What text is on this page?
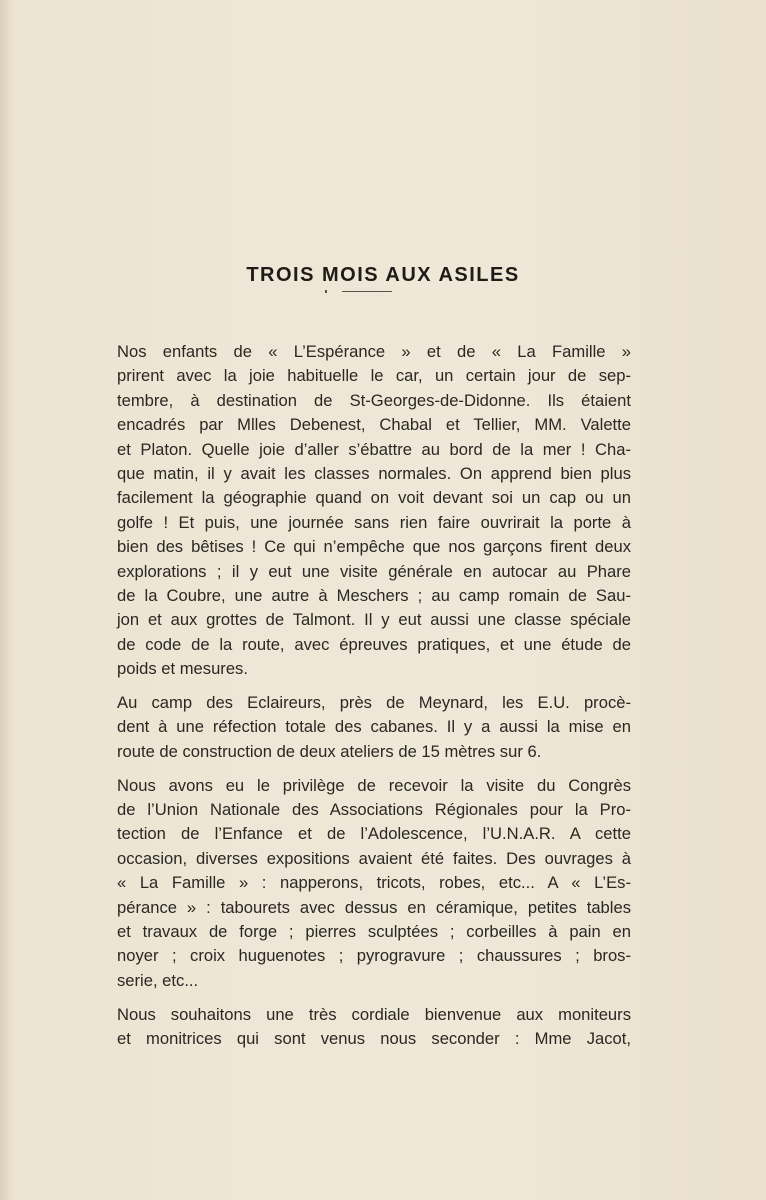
TROIS MOIS AUX ASILES
Nos enfants de « L’Espérance » et de « La Famille »
prirent avec la joie habituelle le car, un certain jour de sep-
tembre, à destination de St-Georges-de-Didonne. Ils étaient
encadrés par Mlles Debenest, Chabal et Tellier, MM. Valette
et Platon. Quelle joie d’aller s’ébattre au bord de la mer ! Cha-
que matin, il y avait les classes normales. On apprend bien plus
facilement la géographie quand on voit devant soi un cap ou un
golfe ! Et puis, une journée sans rien faire ouvrirait la porte à
bien des bêtises ! Ce qui n’empêche que nos garçons firent deux
explorations ; il y eut une visite générale en autocar au Phare
de la Coubre, une autre à Meschers ; au camp romain de Sau-
jon et aux grottes de Talmont. Il y eut aussi une classe spéciale
de code de la route, avec épreuves pratiques, et une étude de
poids et mesures.
Au camp des Eclaireurs, près de Meynard, les E.U. procè-
dent à une réfection totale des cabanes. Il y a aussi la mise en
route de construction de deux ateliers de 15 mètres sur 6.
Nous avons eu le privilège de recevoir la visite du Congrès
de l’Union Nationale des Associations Régionales pour la Pro-
tection de l’Enfance et de l’Adolescence, l’U.N.A.R. A cette
occasion, diverses expositions avaient été faites. Des ouvrages à
« La Famille » : napperons, tricots, robes, etc... A « L’Es-
pérance » : tabourets avec dessus en céramique, petites tables
et travaux de forge ; pierres sculptées ; corbeilles à pain en
noyer ; croix huguenotes ; pyrogravure ; chaussures ; bros-
serie, etc...
Nous souhaitons une très cordiale bienvenue aux moniteurs
et monitrices qui sont venus nous seconder : Mme Jacot,
